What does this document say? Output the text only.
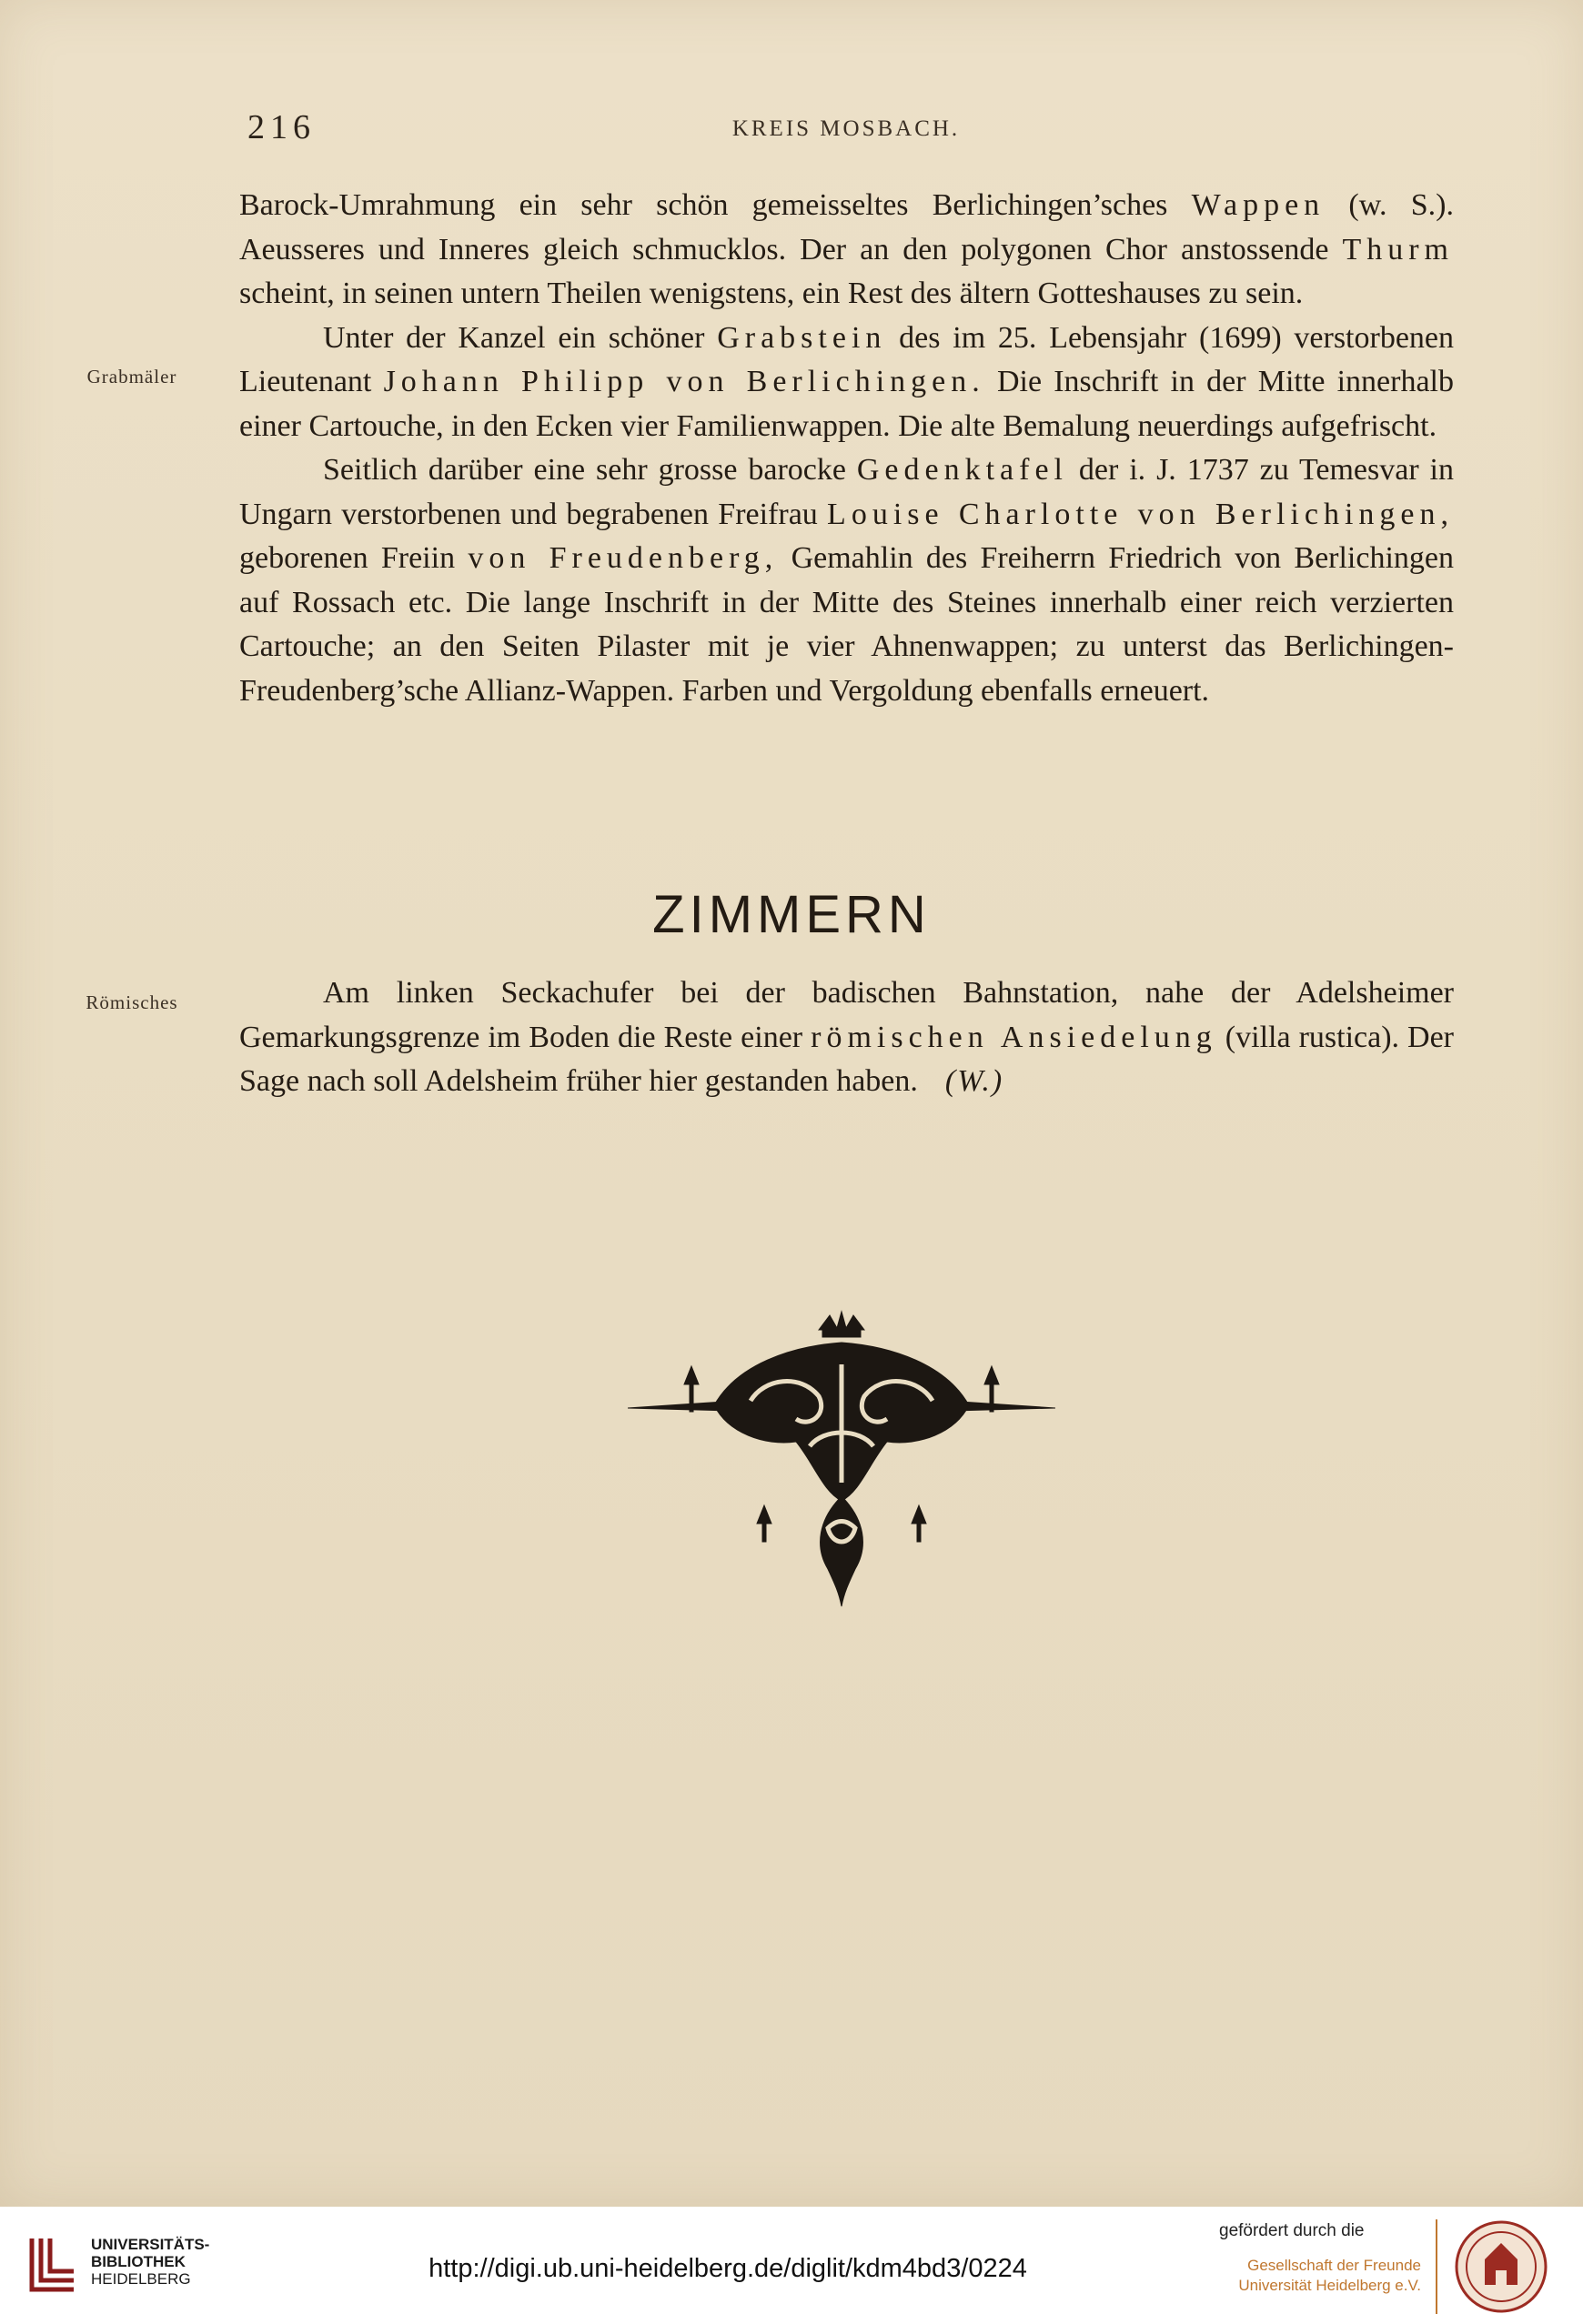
216	KREIS MOSBACH.
Grabmäler
Römisches

Barock-Umrahmung ein sehr schön gemeisseltes Berlichingen’sches Wappen (w. S.). Aeusseres und Inneres gleich schmucklos. Der an den polygonen Chor anstossende Thurm scheint, in seinen untern Theilen wenigstens, ein Rest des ältern Gotteshauses zu sein.

Unter der Kanzel ein schöner Grabstein des im 25. Lebensjahr (1699) verstorbenen Lieutenant Johann Philipp von Berlichingen. Die Inschrift in der Mitte innerhalb einer Cartouche, in den Ecken vier Familienwappen. Die alte Bemalung neuerdings aufgefrischt.

Seitlich darüber eine sehr grosse barocke Gedenktafel der i. J. 1737 zu Temesvar in Ungarn verstorbenen und begrabenen Freifrau Louise Charlotte von Berlichingen, geborenen Freiin von Freudenberg, Gemahlin des Freiherrn Friedrich von Berlichingen auf Rossach etc. Die lange Inschrift in der Mitte des Steines innerhalb einer reich verzierten Cartouche; an den Seiten Pilaster mit je vier Ahnenwappen; zu unterst das Berlichingen-Freudenberg’sche Allianz-Wappen. Farben und Vergoldung ebenfalls erneuert.

ZIMMERN

Am linken Seckachufer bei der badischen Bahnstation, nahe der Adelsheimer Gemarkungsgrenze im Boden die Reste einer römischen Ansiedelung (villa rustica). Der Sage nach soll Adelsheim früher hier gestanden haben. (W.)

UNIVERSITÄTS-
BIBLIOTHEK
HEIDELBERG	http://digi.ub.uni-heidelberg.de/diglit/kdm4bd3/0224
gefördert durch die
Gesellschaft der Freunde
Universität Heidelberg e.V.
